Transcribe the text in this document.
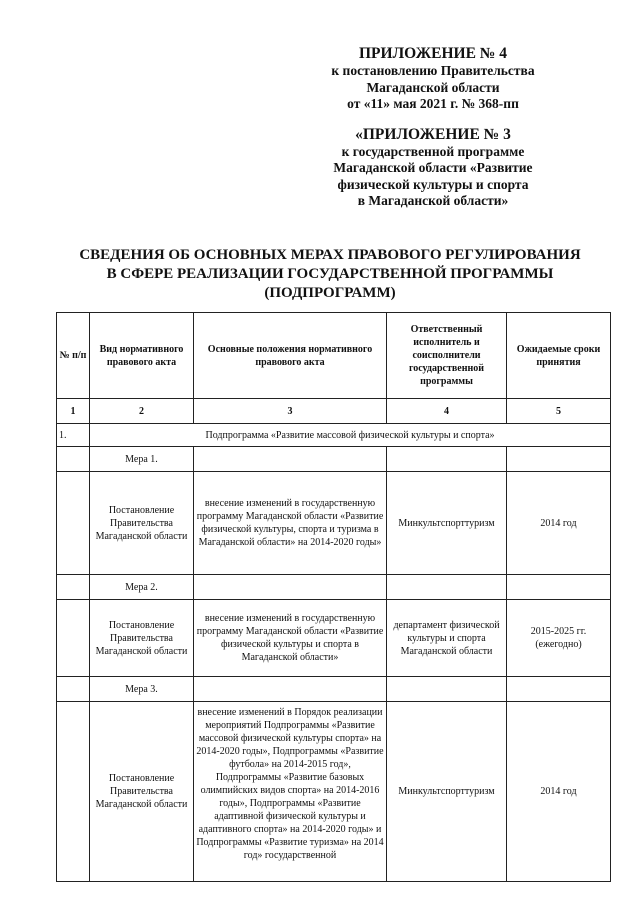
ПРИЛОЖЕНИЕ № 4
к постановлению Правительства
Магаданской области
от «11» мая 2021 г. № 368-пп
«ПРИЛОЖЕНИЕ № 3
к государственной программе
Магаданской области «Развитие
физической культуры и спорта
в Магаданской области»
СВЕДЕНИЯ ОБ ОСНОВНЫХ МЕРАХ ПРАВОВОГО РЕГУЛИРОВАНИЯ
В СФЕРЕ РЕАЛИЗАЦИИ ГОСУДАРСТВЕННОЙ ПРОГРАММЫ
(ПОДПРОГРАММ)
№ п/п	Вид нормативного правового акта	Основные положения нормативного правового акта	Ответственный исполнитель и соисполнители государственной программы	Ожидаемые сроки принятия
1	2	3	4	5
1.	Подпрограмма «Развитие массовой физической культуры и спорта»			
	Мера 1.			
	Постановление Правительства Магаданской области	внесение изменений в государственную программу Магаданской области «Развитие физической культуры, спорта и туризма в Магаданской области» на 2014-2020 годы»	Минкультспорттуризм	2014 год
	Мера 2.			
	Постановление Правительства Магаданской области	внесение изменений в государственную программу Магаданской области «Развитие физической культуры и спорта в Магаданской области»	департамент физической культуры и спорта Магаданской области	2015-2025 гг. (ежегодно)
	Мера 3.			
	Постановление Правительства Магаданской области	внесение изменений в Порядок реализации мероприятий Подпрограммы «Развитие массовой физической культуры спорта» на 2014-2020 годы», Подпрограммы «Развитие футбола» на 2014-2015 год», Подпрограммы «Развитие базовых олимпийских видов спорта» на 2014-2016 годы», Подпрограммы «Развитие адаптивной физической культуры и адаптивного спорта» на 2014-2020 годы» и Подпрограммы «Развитие туризма» на 2014 год» государственной	Минкультспорттуризм	2014 год
